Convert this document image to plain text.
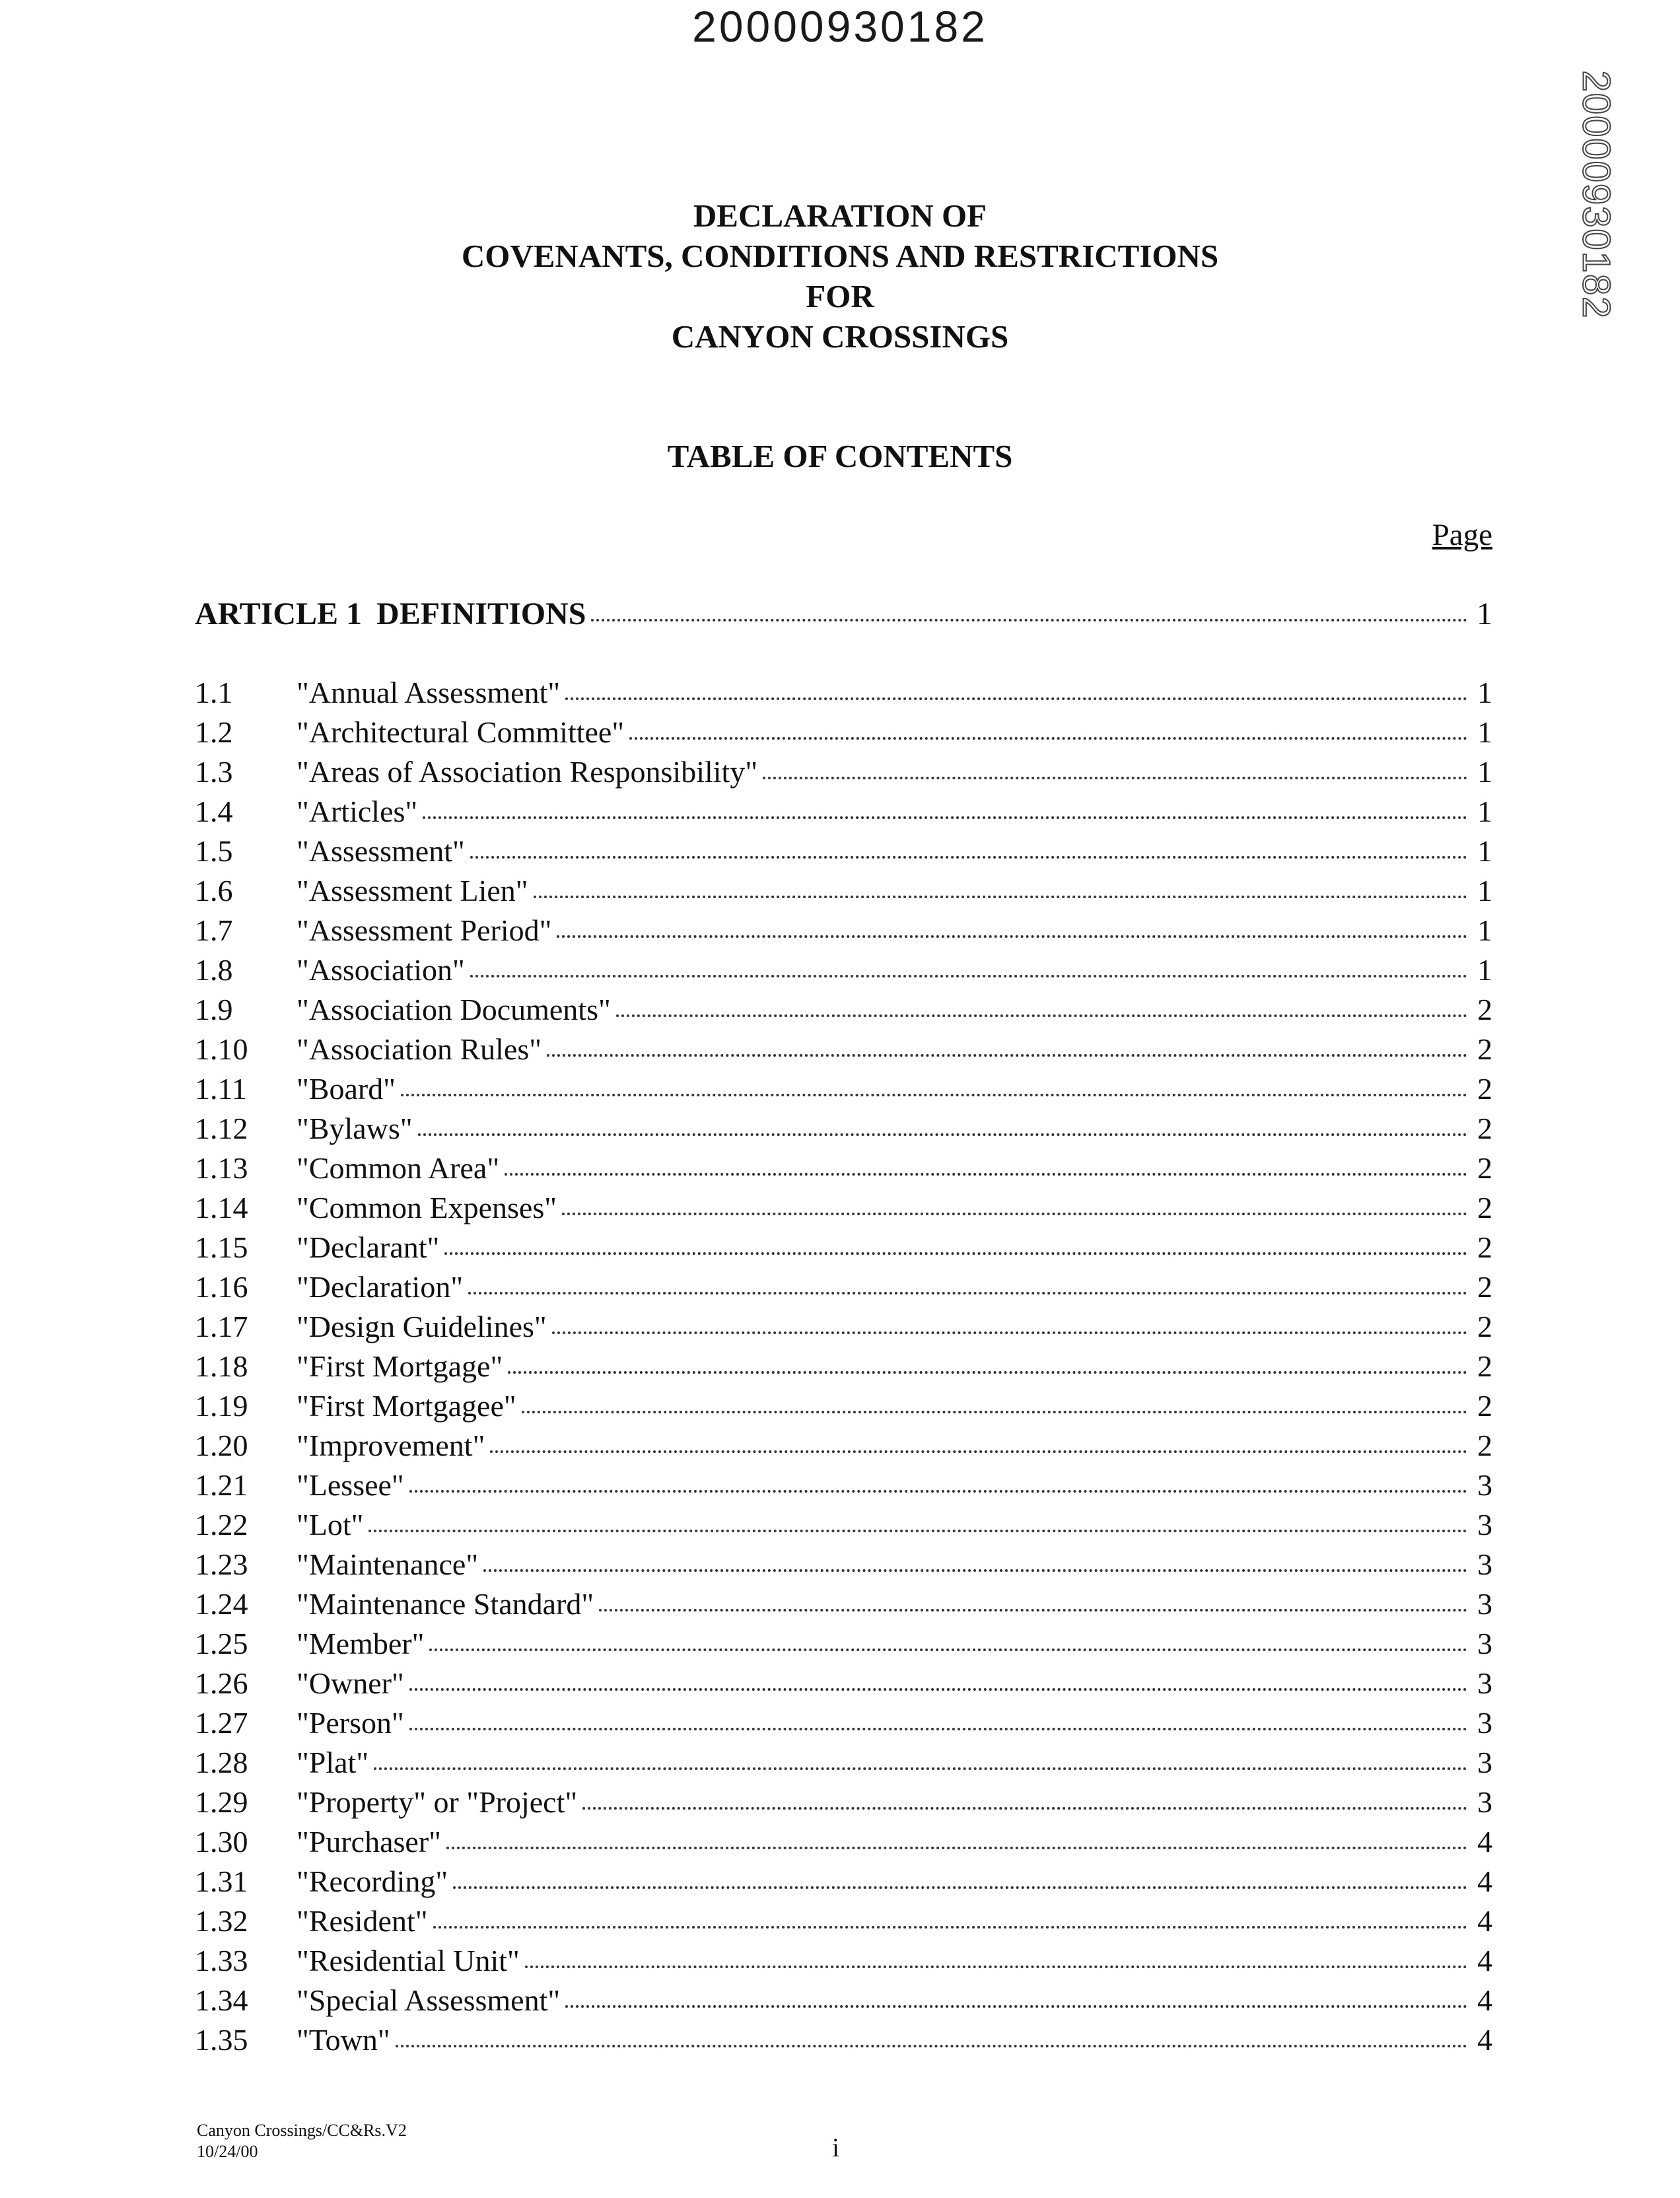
20000930182
20000930182
DECLARATION OF
COVENANTS, CONDITIONS AND RESTRICTIONS
FOR
CANYON CROSSINGS
TABLE OF CONTENTS
Page
ARTICLE 1 DEFINITIONS	1
1.1	"Annual Assessment"	1
1.2	"Architectural Committee"	1
1.3	"Areas of Association Responsibility"	1
1.4	"Articles"	1
1.5	"Assessment"	1
1.6	"Assessment Lien"	1
1.7	"Assessment Period"	1
1.8	"Association"	1
1.9	"Association Documents"	2
1.10	"Association Rules"	2
1.11	"Board"	2
1.12	"Bylaws"	2
1.13	"Common Area"	2
1.14	"Common Expenses"	2
1.15	"Declarant"	2
1.16	"Declaration"	2
1.17	"Design Guidelines"	2
1.18	"First Mortgage"	2
1.19	"First Mortgagee"	2
1.20	"Improvement"	2
1.21	"Lessee"	3
1.22	"Lot"	3
1.23	"Maintenance"	3
1.24	"Maintenance Standard"	3
1.25	"Member"	3
1.26	"Owner"	3
1.27	"Person"	3
1.28	"Plat"	3
1.29	"Property" or "Project"	3
1.30	"Purchaser"	4
1.31	"Recording"	4
1.32	"Resident"	4
1.33	"Residential Unit"	4
1.34	"Special Assessment"	4
1.35	"Town"	4
Canyon Crossings/CC&Rs.V2
10/24/00	i
